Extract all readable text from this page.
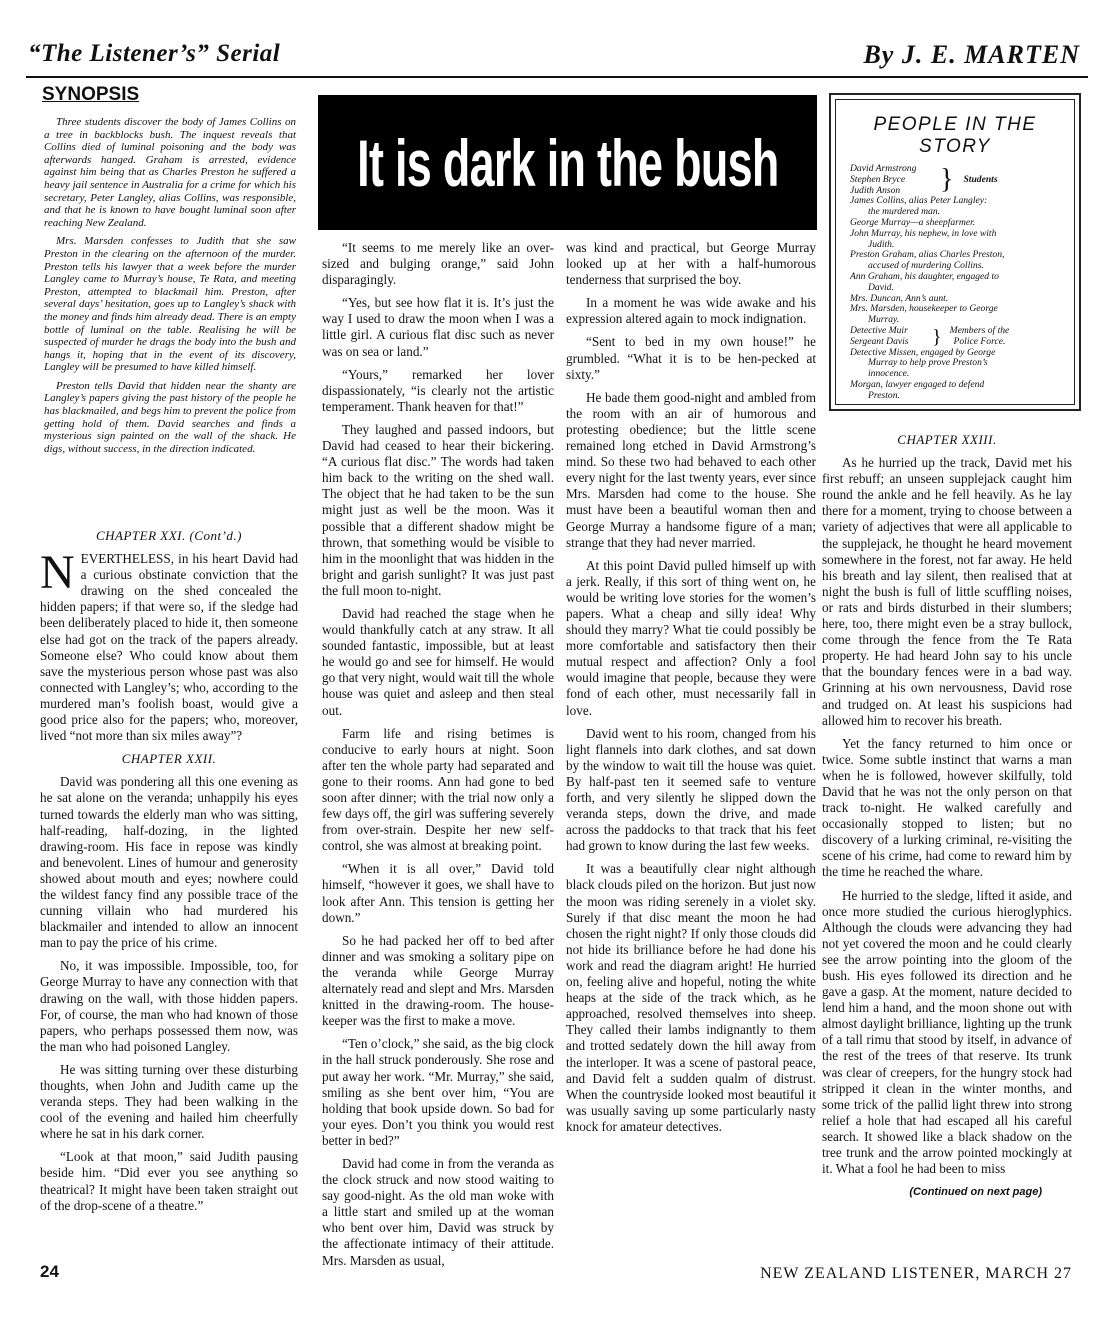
“The Listener’s” Serial	By J. E. MARTEN
SYNOPSIS

Three students discover the body of James Collins on a tree in backblocks bush. The inquest reveals that Collins died of luminal poisoning and the body was afterwards hanged. Graham is arrested, evidence against him being that as Charles Preston he suffered a heavy jail sentence in Australia for a crime for which his secretary, Peter Langley, alias Collins, was responsible, and that he is known to have bought luminal soon after reaching New Zealand.

Mrs. Marsden confesses to Judith that she saw Preston in the clearing on the afternoon of the murder. Preston tells his lawyer that a week before the murder Langley came to Murray’s house, Te Rata, and meeting Preston, attempted to blackmail him. Preston, after several days’ hesitation, goes up to Langley’s shack with the money and finds him already dead. There is an empty bottle of luminal on the table. Realising he will be suspected of murder he drags the body into the bush and hangs it, hoping that in the event of its discovery, Langley will be presumed to have killed himself.

Preston tells David that hidden near the shanty are Langley’s papers giving the past history of the people he has blackmailed, and begs him to prevent the police from getting hold of them. David searches and finds a mysterious sign painted on the wall of the shack. He digs, without success, in the direction indicated.

CHAPTER XXI. (Cont’d.)

NEVERTHELESS, in his heart David had a curious obstinate conviction that the drawing on the shed concealed the hidden papers; if that were so, if the sledge had been deliberately placed to hide it, then someone else had got on the track of the papers already. Someone else? Who could know about them save the mysterious person whose past was also connected with Langley’s; who, according to the murdered man’s foolish boast, would give a good price also for the papers; who, moreover, lived “not more than six miles away”?

CHAPTER XXII.

David was pondering all this one evening as he sat alone on the veranda; unhappily his eyes turned towards the elderly man who was sitting, half-reading, half-dozing, in the lighted drawing-room. His face in repose was kindly and benevolent. Lines of humour and generosity showed about mouth and eyes; nowhere could the wildest fancy find any possible trace of the cunning villain who had murdered his blackmailer and intended to allow an innocent man to pay the price of his crime.

No, it was impossible. Impossible, too, for George Murray to have any connection with that drawing on the wall, with those hidden papers. For, of course, the man who had known of those papers, who perhaps possessed them now, was the man who had poisoned Langley.

He was sitting turning over these disturbing thoughts, when John and Judith came up the veranda steps. They had been walking in the cool of the evening and hailed him cheerfully where he sat in his dark corner.

“Look at that moon,” said Judith pausing beside him. “Did ever you see anything so theatrical? It might have been taken straight out of the drop-scene of a theatre.”

It is dark in the bush

“It seems to me merely like an over-sized and bulging orange,” said John disparagingly.

“Yes, but see how flat it is. It’s just the way I used to draw the moon when I was a little girl. A curious flat disc such as never was on sea or land.”

“Yours,” remarked her lover dispassionately, “is clearly not the artistic temperament. Thank heaven for that!”

They laughed and passed indoors, but David had ceased to hear their bickering. “A curious flat disc.” The words had taken him back to the writing on the shed wall. The object that he had taken to be the sun might just as well be the moon. Was it possible that a different shadow might be thrown, that something would be visible to him in the moonlight that was hidden in the bright and garish sunlight? It was just past the full moon to-night.

David had reached the stage when he would thankfully catch at any straw. It all sounded fantastic, impossible, but at least he would go and see for himself. He would go that very night, would wait till the whole house was quiet and asleep and then steal out.

Farm life and rising betimes is conducive to early hours at night. Soon after ten the whole party had separated and gone to their rooms. Ann had gone to bed soon after dinner; with the trial now only a few days off, the girl was suffering severely from over-strain. Despite her new self-control, she was almost at breaking point.

“When it is all over,” David told himself, “however it goes, we shall have to look after Ann. This tension is getting her down.”

So he had packed her off to bed after dinner and was smoking a solitary pipe on the veranda while George Murray alternately read and slept and Mrs. Marsden knitted in the drawing-room. The house-keeper was the first to make a move.

“Ten o’clock,” she said, as the big clock in the hall struck ponderously. She rose and put away her work. “Mr. Murray,” she said, smiling as she bent over him, “You are holding that book upside down. So bad for your eyes. Don’t you think you would rest better in bed?”

David had come in from the veranda as the clock struck and now stood waiting to say good-night. As the old man woke with a little start and smiled up at the woman who bent over him, David was struck by the affectionate intimacy of their attitude. Mrs. Marsden as usual,

was kind and practical, but George Murray looked up at her with a half-humorous tenderness that surprised the boy.

In a moment he was wide awake and his expression altered again to mock indignation.

“Sent to bed in my own house!” he grumbled. “What it is to be hen-pecked at sixty.”

He bade them good-night and ambled from the room with an air of humorous and protesting obedience; but the little scene remained long etched in David Armstrong’s mind. So these two had behaved to each other every night for the last twenty years, ever since Mrs. Marsden had come to the house. She must have been a beautiful woman then and George Murray a handsome figure of a man; strange that they had never married.

At this point David pulled himself up with a jerk. Really, if this sort of thing went on, he would be writing love stories for the women’s papers. What a cheap and silly idea! Why should they marry? What tie could possibly be more comfortable and satisfactory then their mutual respect and affection? Only a fool would imagine that people, because they were fond of each other, must necessarily fall in love.

David went to his room, changed from his light flannels into dark clothes, and sat down by the window to wait till the house was quiet. By half-past ten it seemed safe to venture forth, and very silently he slipped down the veranda steps, down the drive, and made across the paddocks to that track that his feet had grown to know during the last few weeks.

It was a beautifully clear night although black clouds piled on the horizon. But just now the moon was riding serenely in a violet sky. Surely if that disc meant the moon he had chosen the right night? If only those clouds did not hide its brilliance before he had done his work and read the diagram aright! He hurried on, feeling alive and hopeful, noting the white heaps at the side of the track which, as he approached, resolved themselves into sheep. They called their lambs indignantly to them and trotted sedately down the hill away from the interloper. It was a scene of pastoral peace, and David felt a sudden qualm of distrust. When the countryside looked most beautiful it was usually saving up some particularly nasty knock for amateur detectives.

PEOPLE IN THE
STORY
David Armstrong
Stephen Bryce
Judith Anson	} Students
James Collins, alias Peter Langley:
the murdered man.
George Murray—a sheepfarmer.
John Murray, his nephew, in love with
Judith.
Preston Graham, alias Charles Preston,
accused of murdering Collins.
Ann Graham, his daughter, engaged to
David.
Mrs. Duncan, Ann’s aunt.
Mrs. Marsden, housekeeper to George
Murray.
Detective Muir
Sergeant Davis	} Members of the
Police Force.
Detective Missen, engaged by George
Murray to help prove Preston’s
innocence.
Morgan, lawyer engaged to defend
Preston.

CHAPTER XXIII.

As he hurried up the track, David met his first rebuff; an unseen supplejack caught him round the ankle and he fell heavily. As he lay there for a moment, trying to choose between a variety of adjectives that were all applicable to the supplejack, he thought he heard movement somewhere in the forest, not far away. He held his breath and lay silent, then realised that at night the bush is full of little scuffling noises, or rats and birds disturbed in their slumbers; here, too, there might even be a stray bullock, come through the fence from the Te Rata property. He had heard John say to his uncle that the boundary fences were in a bad way. Grinning at his own nervousness, David rose and trudged on. At least his suspicions had allowed him to recover his breath.

Yet the fancy returned to him once or twice. Some subtle instinct that warns a man when he is followed, however skilfully, told David that he was not the only person on that track to-night. He walked carefully and occasionally stopped to listen; but no discovery of a lurking criminal, re-visiting the scene of his crime, had come to reward him by the time he reached the whare.

He hurried to the sledge, lifted it aside, and once more studied the curious hieroglyphics. Although the clouds were advancing they had not yet covered the moon and he could clearly see the arrow pointing into the gloom of the bush. His eyes followed its direction and he gave a gasp. At the moment, nature decided to lend him a hand, and the moon shone out with almost daylight brilliance, lighting up the trunk of a tall rimu that stood by itself, in advance of the rest of the trees of that reserve. Its trunk was clear of creepers, for the hungry stock had stripped it clean in the winter months, and some trick of the pallid light threw into strong relief a hole that had escaped all his careful search. It showed like a black shadow on the tree trunk and the arrow pointed mockingly at it. What a fool he had been to miss

(Continued on next page)
24	NEW ZEALAND LISTENER, MARCH 27
